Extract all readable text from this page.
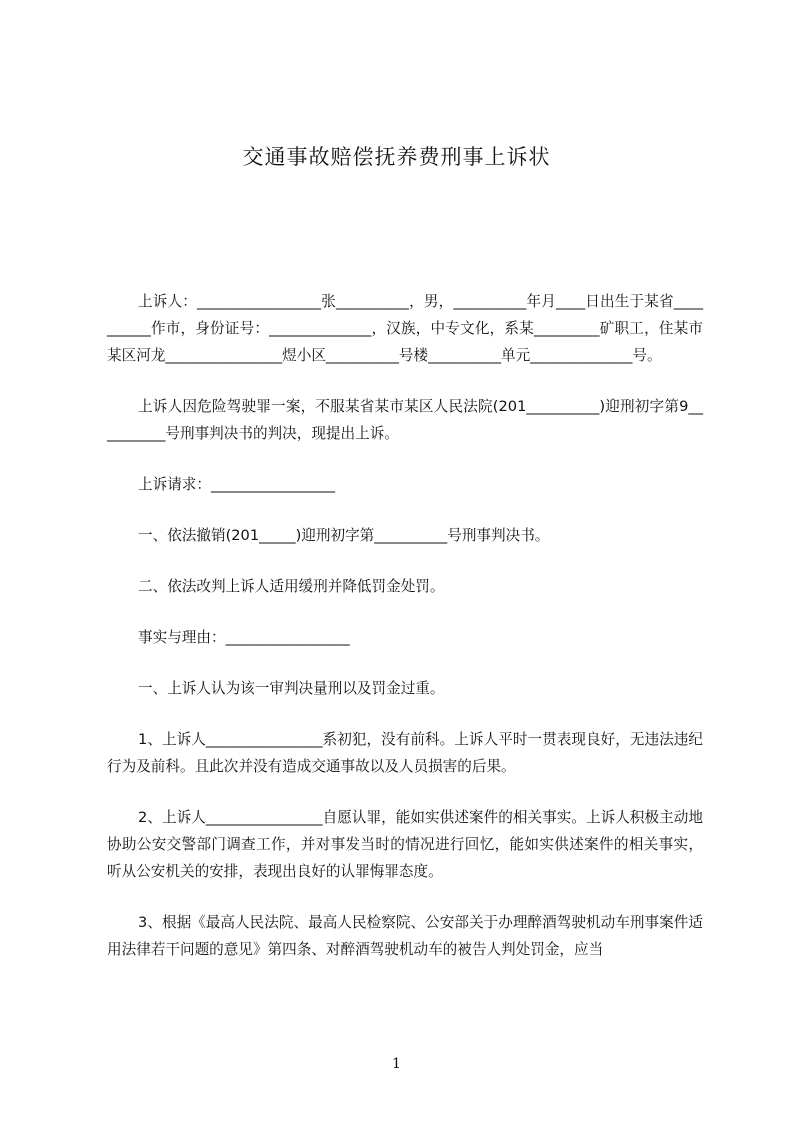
交通事故赔偿抚养费刑事上诉状

上诉人：_________________张__________，男，__________年月____日出生于某省__________作市，身份证号：______________，汉族，中专文化，系某_________矿职工，住某市某区河龙________________煜小区__________号楼__________单元______________号。

上诉人因危险驾驶罪一案，不服某省某市某区人民法院(201__________)迎刑初字第9__________号刑事判决书的判决，现提出上诉。

上诉请求：_________________

一、依法撤销(201_____)迎刑初字第__________号刑事判决书。

二、依法改判上诉人适用缓刑并降低罚金处罚。

事实与理由：_________________

一、上诉人认为该一审判决量刑以及罚金过重。

1、上诉人________________系初犯，没有前科。上诉人平时一贯表现良好，无违法违纪行为及前科。且此次并没有造成交通事故以及人员损害的后果。

2、上诉人________________自愿认罪，能如实供述案件的相关事实。上诉人积极主动地协助公安交警部门调查工作，并对事发当时的情况进行回忆，能如实供述案件的相关事实，听从公安机关的安排，表现出良好的认罪悔罪态度。

3、根据《最高人民法院、最高人民检察院、公安部关于办理醉酒驾驶机动车刑事案件适用法律若干问题的意见》第四条、对醉酒驾驶机动车的被告人判处罚金，应当

1
